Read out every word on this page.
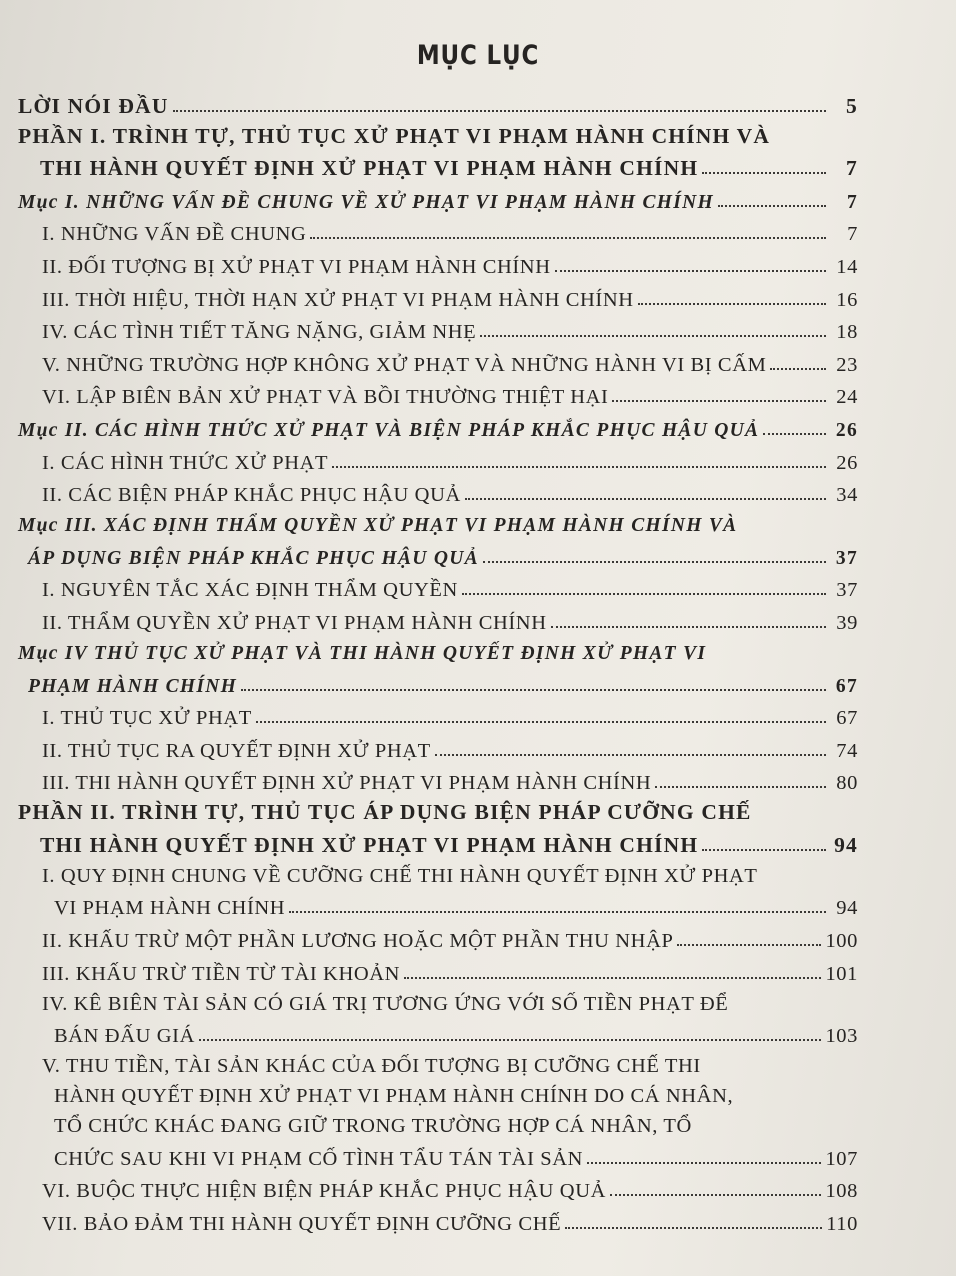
MỤC LỤC
LỜI NÓI ĐẦU	5
PHẦN I. TRÌNH TỰ, THỦ TỤC XỬ PHẠT VI PHẠM HÀNH CHÍNH VÀ
THI HÀNH QUYẾT ĐỊNH XỬ PHẠT VI PHẠM HÀNH CHÍNH	7
Mục I. NHỮNG VẤN ĐỀ CHUNG VỀ XỬ PHẠT VI PHẠM HÀNH CHÍNH	7
I. NHỮNG VẤN ĐỀ CHUNG	7
II. ĐỐI TƯỢNG BỊ XỬ PHẠT VI PHẠM HÀNH CHÍNH	14
III. THỜI HIỆU, THỜI HẠN XỬ PHẠT VI PHẠM HÀNH CHÍNH	16
IV. CÁC TÌNH TIẾT TĂNG NẶNG, GIẢM NHẸ	18
V. NHỮNG TRƯỜNG HỢP KHÔNG XỬ PHẠT VÀ NHỮNG HÀNH VI BỊ CẤM	23
VI. LẬP BIÊN BẢN XỬ PHẠT VÀ BỒI THƯỜNG THIỆT HẠI	24
Mục II. CÁC HÌNH THỨC XỬ PHẠT VÀ BIỆN PHÁP KHẮC PHỤC HẬU QUẢ	26
I. CÁC HÌNH THỨC XỬ PHẠT	26
II. CÁC BIỆN PHÁP KHẮC PHỤC HẬU QUẢ	34
Mục III. XÁC ĐỊNH THẨM QUYỀN XỬ PHẠT VI PHẠM HÀNH CHÍNH VÀ
ÁP DỤNG BIỆN PHÁP KHẮC PHỤC HẬU QUẢ	37
I. NGUYÊN TẮC XÁC ĐỊNH THẨM QUYỀN	37
II. THẨM QUYỀN XỬ PHẠT VI PHẠM HÀNH CHÍNH	39
Mục IV THỦ TỤC XỬ PHẠT VÀ THI HÀNH QUYẾT ĐỊNH XỬ PHẠT VI
PHẠM HÀNH CHÍNH	67
I. THỦ TỤC XỬ PHẠT	67
II. THỦ TỤC RA QUYẾT ĐỊNH XỬ PHẠT	74
III. THI HÀNH QUYẾT ĐỊNH XỬ PHẠT VI PHẠM HÀNH CHÍNH	80
PHẦN II. TRÌNH TỰ, THỦ TỤC ÁP DỤNG BIỆN PHÁP CƯỠNG CHẾ
THI HÀNH QUYẾT ĐỊNH XỬ PHẠT VI PHẠM HÀNH CHÍNH	94
I. QUY ĐỊNH CHUNG VỀ CƯỠNG CHẾ THI HÀNH QUYẾT ĐỊNH XỬ PHẠT
VI PHẠM HÀNH CHÍNH	94
II. KHẤU TRỪ MỘT PHẦN LƯƠNG HOẶC MỘT PHẦN THU NHẬP	100
III. KHẤU TRỪ TIỀN TỪ TÀI KHOẢN	101
IV. KÊ BIÊN TÀI SẢN CÓ GIÁ TRỊ TƯƠNG ỨNG VỚI SỐ TIỀN PHẠT ĐỂ
BÁN ĐẤU GIÁ	103
V. THU TIỀN, TÀI SẢN KHÁC CỦA ĐỐI TƯỢNG BỊ CƯỠNG CHẾ THI
HÀNH QUYẾT ĐỊNH XỬ PHẠT VI PHẠM HÀNH CHÍNH DO CÁ NHÂN,
TỔ CHỨC KHÁC ĐANG GIỮ TRONG TRƯỜNG HỢP CÁ NHÂN, TỔ
CHỨC SAU KHI VI PHẠM CỐ TÌNH TẨU TÁN TÀI SẢN	107
VI. BUỘC THỰC HIỆN BIỆN PHÁP KHẮC PHỤC HẬU QUẢ	108
VII. BẢO ĐẢM THI HÀNH QUYẾT ĐỊNH CƯỠNG CHẾ	110
